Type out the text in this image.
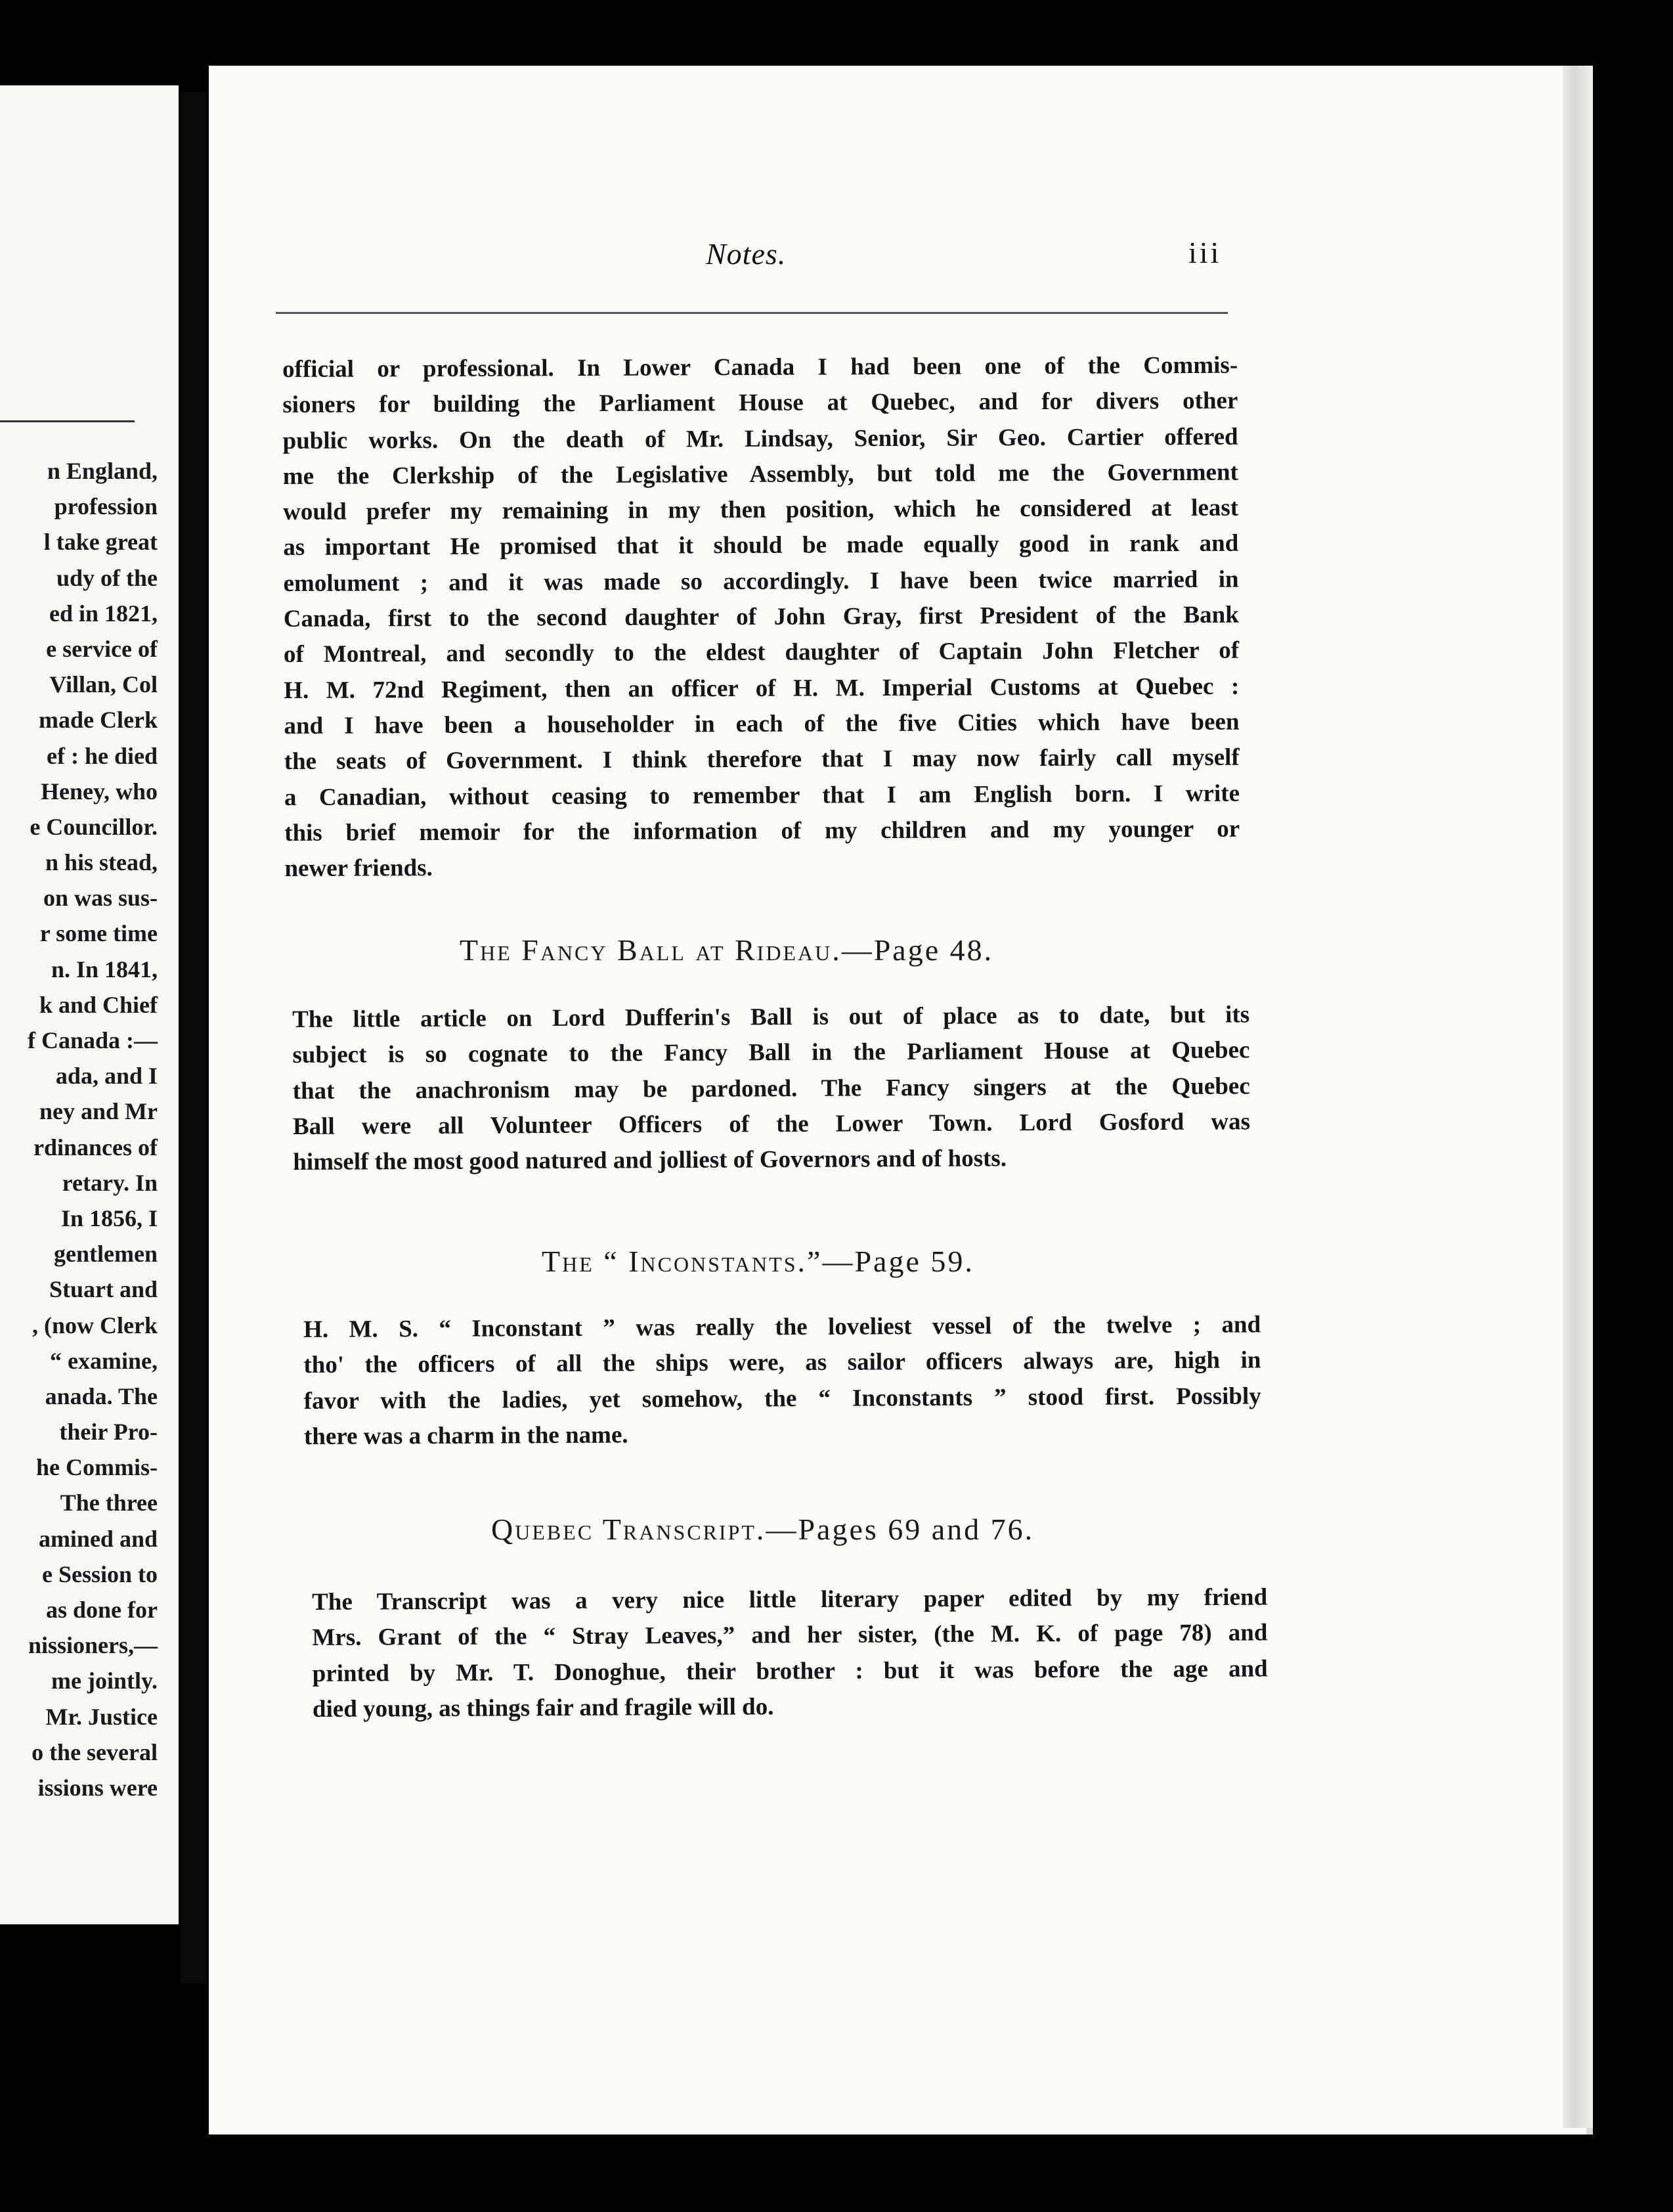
n England,
profession
l take great
udy of the
ed in 1821,
e service of
Villan, Col
made Clerk
ef : he died
Heney, who
e Councillor.
n his stead,
on was sus-
r some time
n. In 1841,
k and Chief
f Canada :—
ada, and I
ney and Mr
rdinances of
retary. In
In 1856, I
gentlemen
Stuart and
, (now Clerk
“ examine,
anada. The
their Pro-
he Commis-
The three
amined and
e Session to
as done for
nissioners,—
me jointly.
Mr. Justice
o the several
issions were
Notes.	iii
official or professional. In Lower Canada I had been one of the Commis-
sioners for building the Parliament House at Quebec, and for divers other
public works. On the death of Mr. Lindsay, Senior, Sir Geo. Cartier offered
me the Clerkship of the Legislative Assembly, but told me the Government
would prefer my remaining in my then position, which he considered at least
as important He promised that it should be made equally good in rank and
emolument ; and it was made so accordingly. I have been twice married in
Canada, first to the second daughter of John Gray, first President of the Bank
of Montreal, and secondly to the eldest daughter of Captain John Fletcher of
H. M. 72nd Regiment, then an officer of H. M. Imperial Customs at Quebec :
and I have been a householder in each of the five Cities which have been
the seats of Government. I think therefore that I may now fairly call myself
a Canadian, without ceasing to remember that I am English born. I write
this brief memoir for the information of my children and my younger or
newer friends.
The Fancy Ball at Rideau.—Page 48.
The little article on Lord Dufferin's Ball is out of place as to date, but its
subject is so cognate to the Fancy Ball in the Parliament House at Quebec
that the anachronism may be pardoned. The Fancy singers at the Quebec
Ball were all Volunteer Officers of the Lower Town. Lord Gosford was
himself the most good natured and jolliest of Governors and of hosts.
The “ Inconstants.”—Page 59.
H. M. S. “ Inconstant ” was really the loveliest vessel of the twelve ; and
tho' the officers of all the ships were, as sailor officers always are, high in
favor with the ladies, yet somehow, the “ Inconstants ” stood first. Possibly
there was a charm in the name.
Quebec Transcript.—Pages 69 and 76.
The Transcript was a very nice little literary paper edited by my friend
Mrs. Grant of the “ Stray Leaves,” and her sister, (the M. K. of page 78) and
printed by Mr. T. Donoghue, their brother : but it was before the age and
died young, as things fair and fragile will do.
